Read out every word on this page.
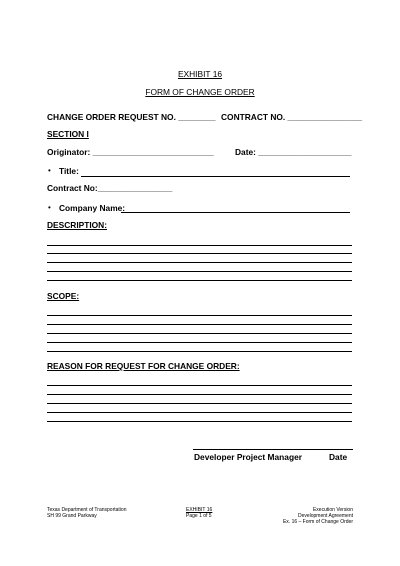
EXHIBIT 16
FORM OF CHANGE ORDER
CHANGE ORDER REQUEST NO. ________ CONTRACT NO. ________________
SECTION I
Originator: __________________________	Date: ____________________
• Title:
Contract No:________________
• Company Name:
DESCRIPTION:
SCOPE:
REASON FOR REQUEST FOR CHANGE ORDER:
Developer Project Manager	Date
Texas Department of Transportation
SH 99 Grand Parkway
EXHIBIT 16
Page 1 of 5
Execution Version
Development Agreement
Ex. 16 – Form of Change Order
